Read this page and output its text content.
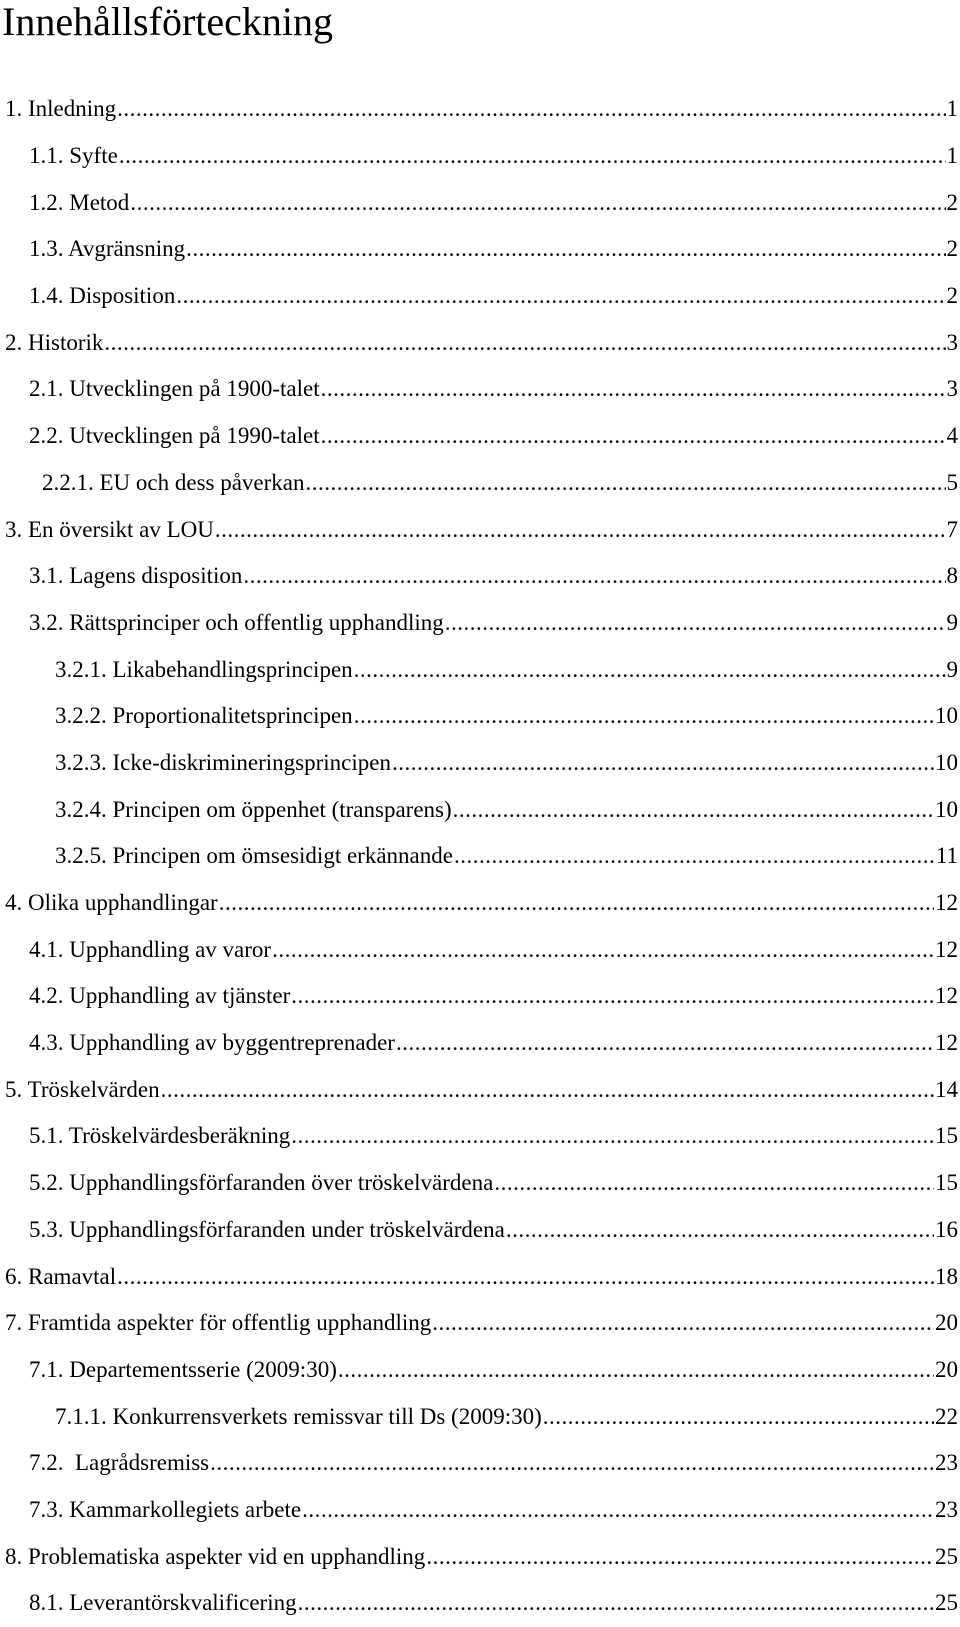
Innehållsförteckning
1. Inledning .....	1
1.1. Syfte .....	1
1.2. Metod .....	2
1.3. Avgränsning .....	2
1.4. Disposition .....	2
2. Historik .....	3
2.1. Utvecklingen på 1900-talet .....	3
2.2. Utvecklingen på 1990-talet .....	4
2.2.1. EU och dess påverkan .....	5
3. En översikt av LOU .....	7
3.1. Lagens disposition .....	8
3.2. Rättsprinciper och offentlig upphandling .....	9
3.2.1. Likabehandlingsprincipen .....	9
3.2.2. Proportionalitetsprincipen .....	10
3.2.3. Icke-diskrimineringsprincipen .....	10
3.2.4. Principen om öppenhet (transparens) .....	10
3.2.5. Principen om ömsesidigt erkännande .....	11
4. Olika upphandlingar .....	12
4.1. Upphandling av varor .....	12
4.2. Upphandling av tjänster .....	12
4.3. Upphandling av byggentreprenader .....	12
5. Tröskelvärden .....	14
5.1. Tröskelvärdesberäkning .....	15
5.2. Upphandlingsförfaranden över tröskelvärdena .....	15
5.3. Upphandlingsförfaranden under tröskelvärdena .....	16
6. Ramavtal .....	18
7. Framtida aspekter för offentlig upphandling .....	20
7.1. Departementsserie (2009:30) .....	20
7.1.1. Konkurrensverkets remissvar till Ds (2009:30) .....	22
7.2.  Lagrådsremiss .....	23
7.3. Kammarkollegiets arbete .....	23
8. Problematiska aspekter vid en upphandling .....	25
8.1. Leverantörskvalificering .....	25
